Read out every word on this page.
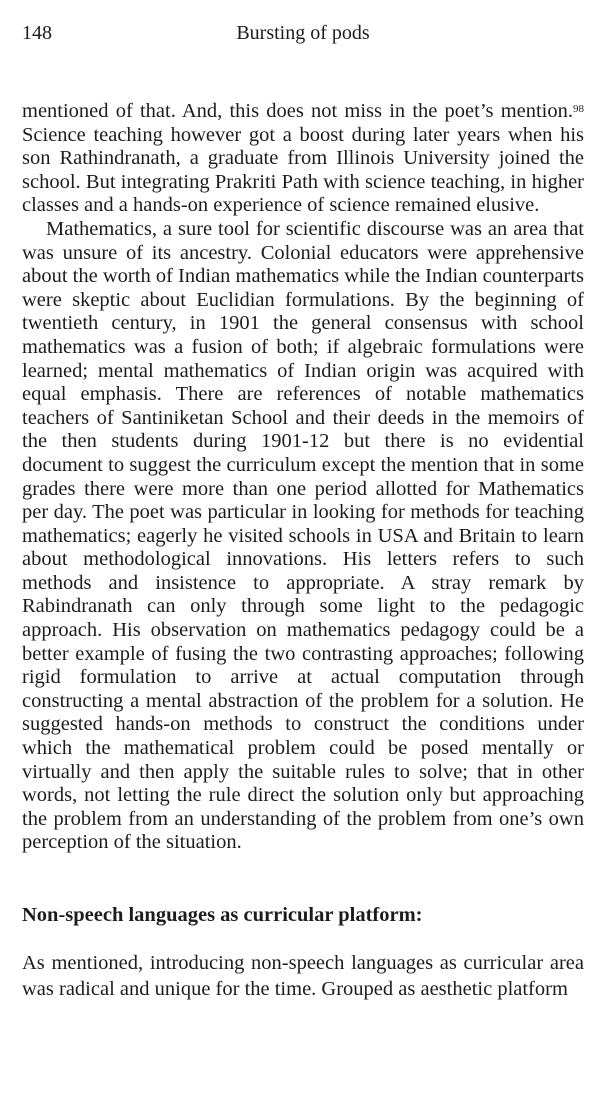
148	Bursting of pods

mentioned of that. And, this does not miss in the poet’s mention.$^{98}$ Science teaching however got a boost during later years when his son Rathindranath, a graduate from Illinois University joined the school. But integrating Prakriti Path with science teaching, in higher classes and a hands-on experience of science remained elusive.

Mathematics, a sure tool for scientific discourse was an area that was unsure of its ancestry. Colonial educators were apprehensive about the worth of Indian mathematics while the Indian counterparts were skeptic about Euclidian formulations. By the beginning of twentieth century, in 1901 the general consensus with school mathematics was a fusion of both; if algebraic formulations were learned; mental mathematics of Indian origin was acquired with equal emphasis. There are references of notable mathematics teachers of Santiniketan School and their deeds in the memoirs of the then students during 1901-12 but there is no evidential document to suggest the curriculum except the mention that in some grades there were more than one period allotted for Mathematics per day. The poet was particular in looking for methods for teaching mathematics; eagerly he visited schools in USA and Britain to learn about methodological innovations. His letters refers to such methods and insistence to appropriate. A stray remark by Rabindranath can only through some light to the pedagogic approach. His observation on mathematics pedagogy could be a better example of fusing the two contrasting approaches; following rigid formulation to arrive at actual computation through constructing a mental abstraction of the problem for a solution. He suggested hands-on methods to construct the conditions under which the mathematical problem could be posed mentally or virtually and then apply the suitable rules to solve; that in other words, not letting the rule direct the solution only but approaching the problem from an understanding of the problem from one’s own perception of the situation.

Non-speech languages as curricular platform:

As mentioned, introducing non-speech languages as curricular area was radical and unique for the time. Grouped as aesthetic platform
